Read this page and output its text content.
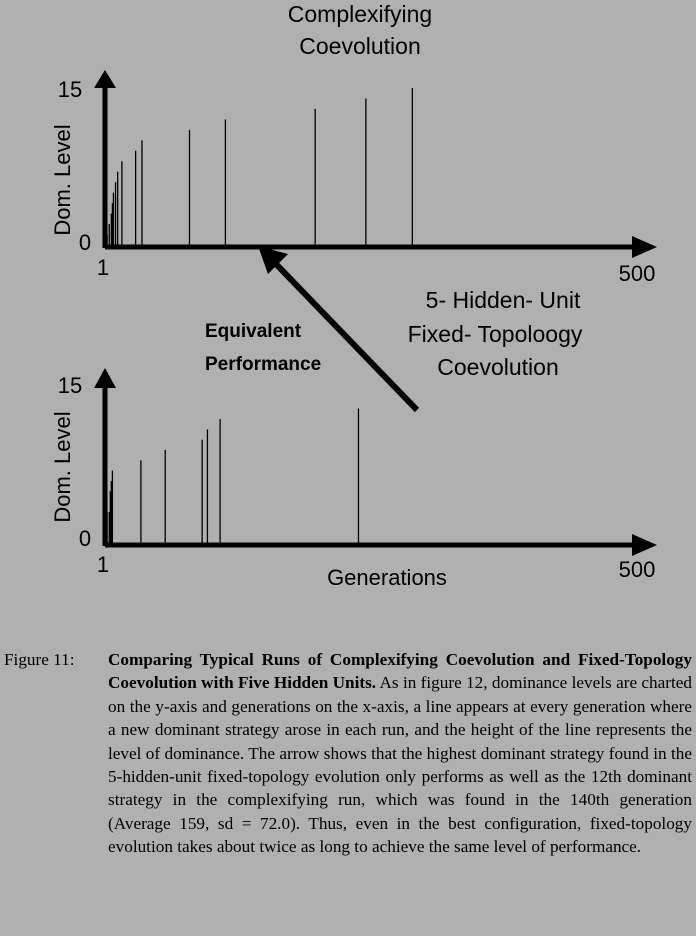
Complexifying
Coevolution
15
0
1	500
Dom. Level
5- Hidden- Unit
Fixed- Topoloogy
Coevolution
15
0
1	500
Dom. Level
Generations
Equivalent
Performance
Figure 11: Comparing Typical Runs of Complexifying Coevolution and Fixed-Topology Coevolution with Five Hidden Units. As in figure 12, dominance levels are charted on the y-axis and generations on the x-axis, a line appears at every generation where a new dominant strategy arose in each run, and the height of the line represents the level of dominance. The arrow shows that the highest dominant strategy found in the 5-hidden-unit fixed-topology evolution only performs as well as the 12th dominant strategy in the complexifying run, which was found in the 140th generation (Average 159, sd = 72.0). Thus, even in the best configuration, fixed-topology evolution takes about twice as long to achieve the same level of performance.
